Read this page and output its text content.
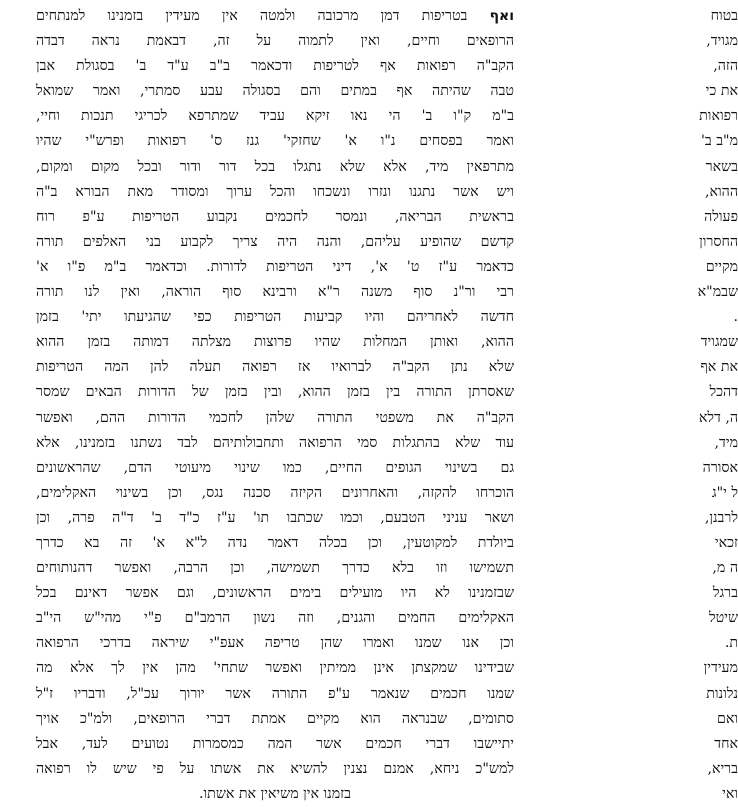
ואף בטריפות דמן מרכובה ולמטה אין מעידין בזמנינו למנתחים
הרופאים וחיים, ואין לתמוה על זה, דבאמת נראה דבדה
הקב"ה רפואות אף לטריפות ודכאמר ב"ב ע"ד ב' בסגולת אבן
טבה שהיתה אף במתים והם בסגולה עבע סמתרי, ואמר שמואל
ב"מ ק"ו ב' הי נאו זיקא עביד שמתרפא לכריגי תנכות וחיי,
ואמר בפסחים נ"ו א' שחזקי' גנז ס' רפואות ופרש"י שהיו
מתרפאין מיד, אלא שלא נתגלו בכל דור ודור ובכל מקום ומקום,
ויש אשר נתגנו ונזרו ונשכחו והכל ערוך ומסודר מאת הבורא ב"ה
בראשית הבריאה, ונמסר לחכמים נקבוע הטריפות ע"פ רוח
קדשם שהופיע עליהם, והנה היה צריך לקבוע בני האלפים תורה
כדאמר ע"ז ט' א', דיני הטריפות לדורות. וכדאמר ב"מ פ"ו א'
רבי ור"נ סוף משנה ר"א ורבינא סוף הוראה, ואין לנו תורה
חדשה לאחריהם והיו קביעות הטריפות כפי שהגיעתו יתי' בזמן
ההוא, ואותן המחלות שהיו פרוצות מצלתה דמותה בזמן ההוא
שלא נתן הקב"ה לברואיו אז רפואה תעלה להן המה הטריפות
שאסרתן התורה בין בזמן ההוא, ובין בזמן של הדורות הבאים שמסר
הקב"ה את משפטי התורה שלהן לחכמי הדורות ההם, ואפשר
עוד שלא בהתגלות סמי הרפואה ותחבולותיהם לבד נשתנו בזמנינו, אלא
גם בשינוי הגופים החיים, כמו שינוי מיעוטי הדם, שהראשונים
הוכרחו להקזה, והאחרונים הקיזה סכנה נגס, וכן בשינוי האקלימים,
ושאר עניני הטבעם, וכמו שכתבו תו' ע"ז כ"ד ב' ד"ה פרה, וכן
ביולדת למקוטעין, וכן בכלה דאמר נדה ל"א א' זה בא כדרך
תשמישו וזו בלא כדרך תשמישה, וכן הרבה, ואפשר דהנותוחים
שבזמנינו לא היו מועילים בימים הראשונים, וגם אפשר דאינם בכל
האקלימים החמים והגנים, וזה נשון הרמב"ם פ"י מהי"ש הי"ב
וכן אנו שמנו ואמרו שהן טריפה אעפ"י שיראה בדרכי הרפואה
שבידינו שמקצתן אינן ממיתין ואפשר שתחי' מהן אין לך אלא מה
שמנו חכמים שנאמר ע"פ התורה אשר יורוך עכ"ל, ודבריו ז"ל
סתומים, שבנראה הוא מקיים אמתת דברי הרופאים, ולמ"כ אויך
יתיישבו דברי חכמים אשר המה כמסמרות נטועים לעד, אבל
למש"כ ניחא, אמנם נצנין להשיא את אשתו על פי שיש לו רפואה
בזמנו אין משיאין את אשתו.
בטוח
מגויד,
הזה,
את כי
רפואות
מ"ב ב'
בשאר
ההוא,
פעולה
החסרון
מקיים
שבמ"א
.
שמגויד
את אף
דהכל
ה, דלא
מיד,
אסורה
ל י"ג
לרבנן,
זכאי
ה מ,
ברגל
שיטל
ת.
מעידין
נלונות
ואם
אחד
בריא,
ואי
